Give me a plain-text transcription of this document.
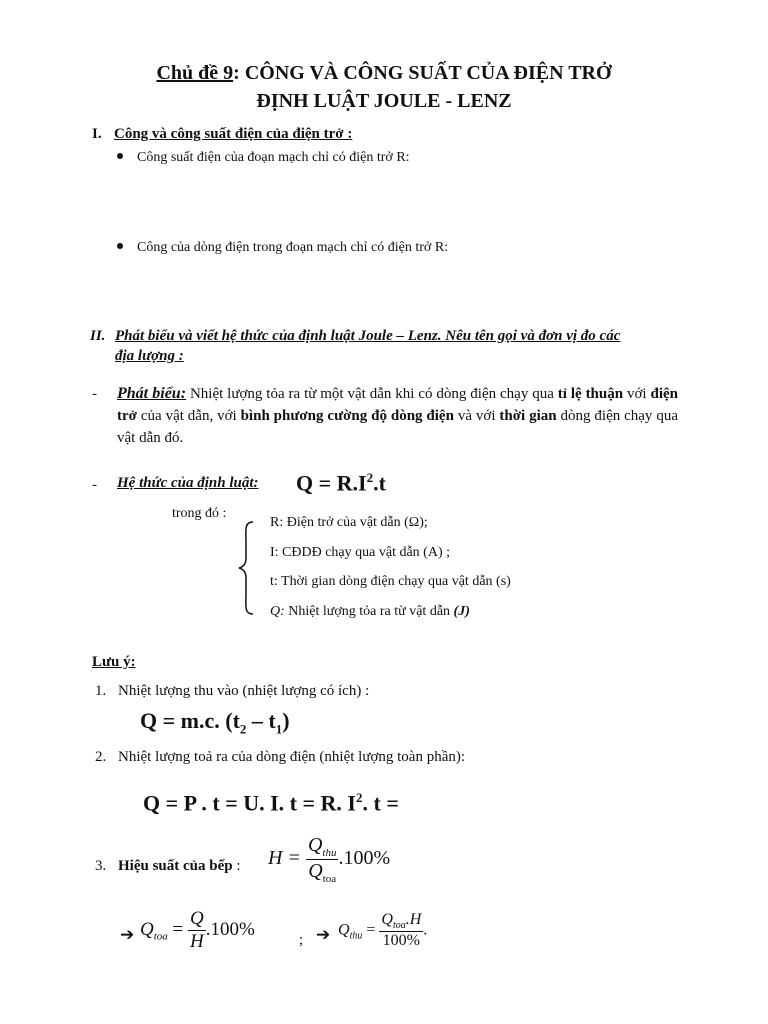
Chủ đề 9: CÔNG VÀ CÔNG SUẤT CỦA ĐIỆN TRỞ
ĐỊNH LUẬT JOULE - LENZ
I. Công và công suất điện của điện trở :
Công suất điện của đoạn mạch chỉ có điện trở R:
Công của dòng điện trong đoạn mạch chỉ có điện trở R:
II. Phát biểu và viết hệ thức của định luật Joule – Lenz. Nêu tên gọi và đơn vị đo các
địa lượng :
- Phát biểu: Nhiệt lượng tỏa ra từ một vật dẫn khi có dòng điện chạy qua tỉ lệ thuận với điện trở của vật dẫn, với bình phương cường độ dòng điện và với thời gian dòng điện chạy qua vật dẫn đó.
- Hệ thức của định luật: $Q = R.I^2.t$
trong đó :
R: Điện trở của vật dẫn (Ω);
I: CĐDĐ chạy qua vật dẫn (A) ;
t: Thời gian dòng điện chạy qua vật dẫn (s)
Q: Nhiệt lượng tỏa ra từ vật dẫn (J)
Lưu ý:
1. Nhiệt lượng thu vào (nhiệt lượng có ích) :
Q = m.c. $(t_2 - t_1)$
2. Nhiệt lượng toả ra của dòng điện (nhiệt lượng toàn phần):
Q = P . t = U. I. t = R. $I^2$. t =
3. Hiệu suất của bếp : $H = \frac{Q_{thu}}{Q_{toa}} .100\%$
➔ $Q_{toa} = \frac{Q}{H} .100\%$
; ➔ $Q_{thu} = \frac{Q_{toa}.H}{100\%}$ .
